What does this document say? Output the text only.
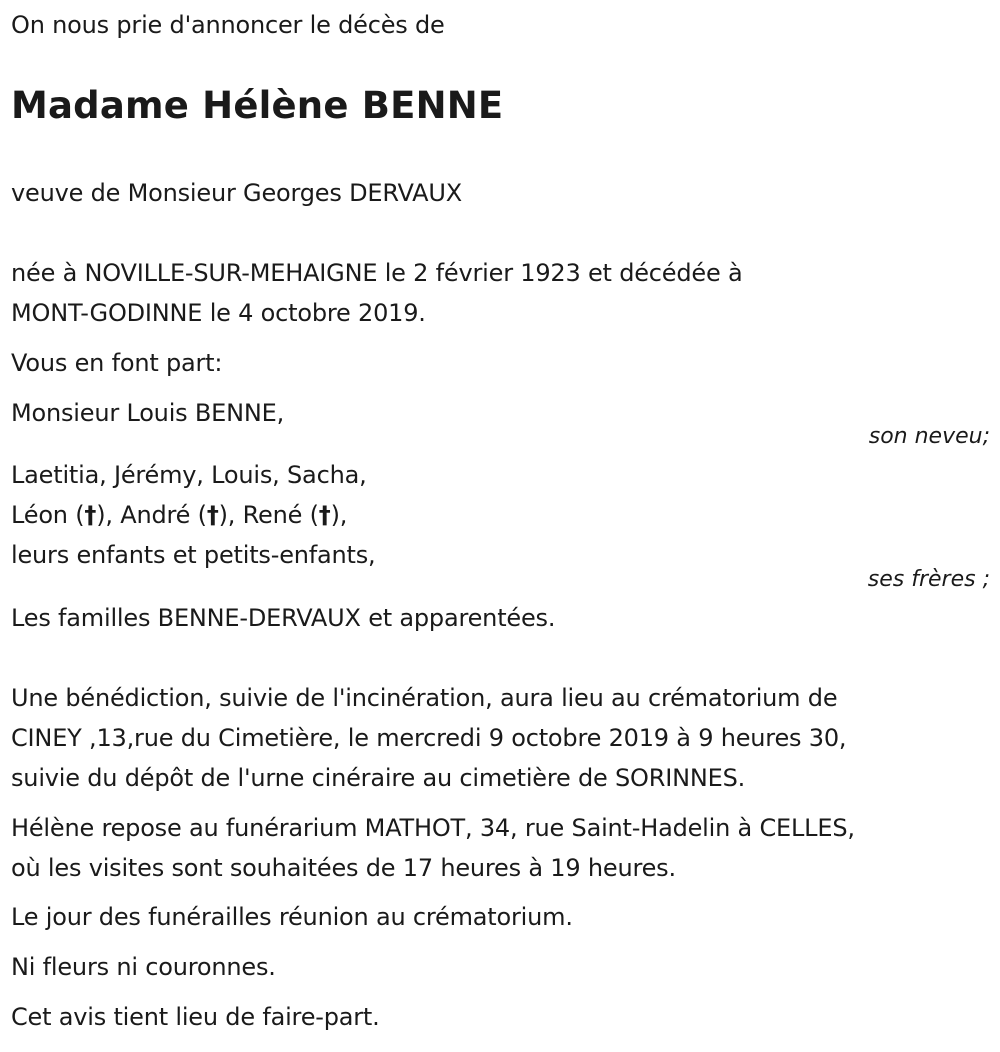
On nous prie d'annoncer le décès de
Madame Hélène BENNE
veuve de Monsieur Georges DERVAUX
née à NOVILLE-SUR-MEHAIGNE le 2 février 1923 et décédée à
MONT-GODINNE le 4 octobre 2019.
Vous en font part:
Monsieur Louis BENNE,
son neveu;
Laetitia, Jérémy, Louis, Sacha,
Léon (†), André (†), René (†),
leurs enfants et petits-enfants,
ses frères ;
Les familles BENNE-DERVAUX et apparentées.
Une bénédiction, suivie de l'incinération, aura lieu au crématorium de
CINEY ,13,rue du Cimetière, le mercredi 9 octobre 2019 à 9 heures 30,
suivie du dépôt de l'urne cinéraire au cimetière de SORINNES.
Hélène repose au funérarium MATHOT, 34, rue Saint-Hadelin à CELLES,
où les visites sont souhaitées de 17 heures à 19 heures.
Le jour des funérailles réunion au crématorium.
Ni fleurs ni couronnes.
Cet avis tient lieu de faire-part.
